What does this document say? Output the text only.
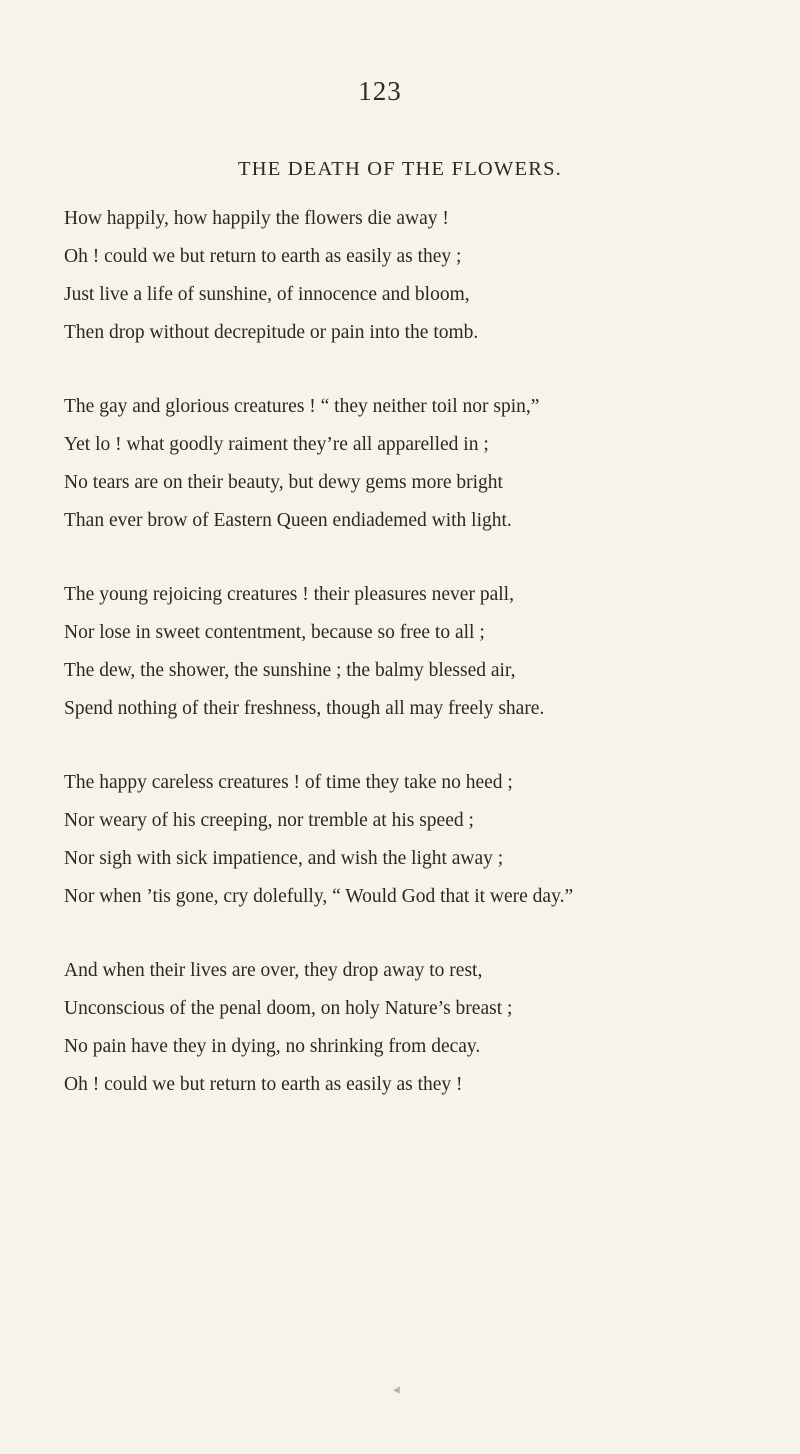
123
THE DEATH OF THE FLOWERS.
How happily, how happily the flowers die away !
Oh ! could we but return to earth as easily as they ;
Just live a life of sunshine, of innocence and bloom,
Then drop without decrepitude or pain into the tomb.
The gay and glorious creatures ! “ they neither toil nor spin,”
Yet lo ! what goodly raiment they’re all apparelled in ;
No tears are on their beauty, but dewy gems more bright
Than ever brow of Eastern Queen endiademed with light.
The young rejoicing creatures ! their pleasures never pall,
Nor lose in sweet contentment, because so free to all ;
The dew, the shower, the sunshine ; the balmy blessed air,
Spend nothing of their freshness, though all may freely share.
The happy careless creatures ! of time they take no heed ;
Nor weary of his creeping, nor tremble at his speed ;
Nor sigh with sick impatience, and wish the light away ;
Nor when ’tis gone, cry dolefully, “ Would God that it were day.”
And when their lives are over, they drop away to rest,
Unconscious of the penal doom, on holy Nature’s breast ;
No pain have they in dying, no shrinking from decay.
Oh ! could we but return to earth as easily as they !
